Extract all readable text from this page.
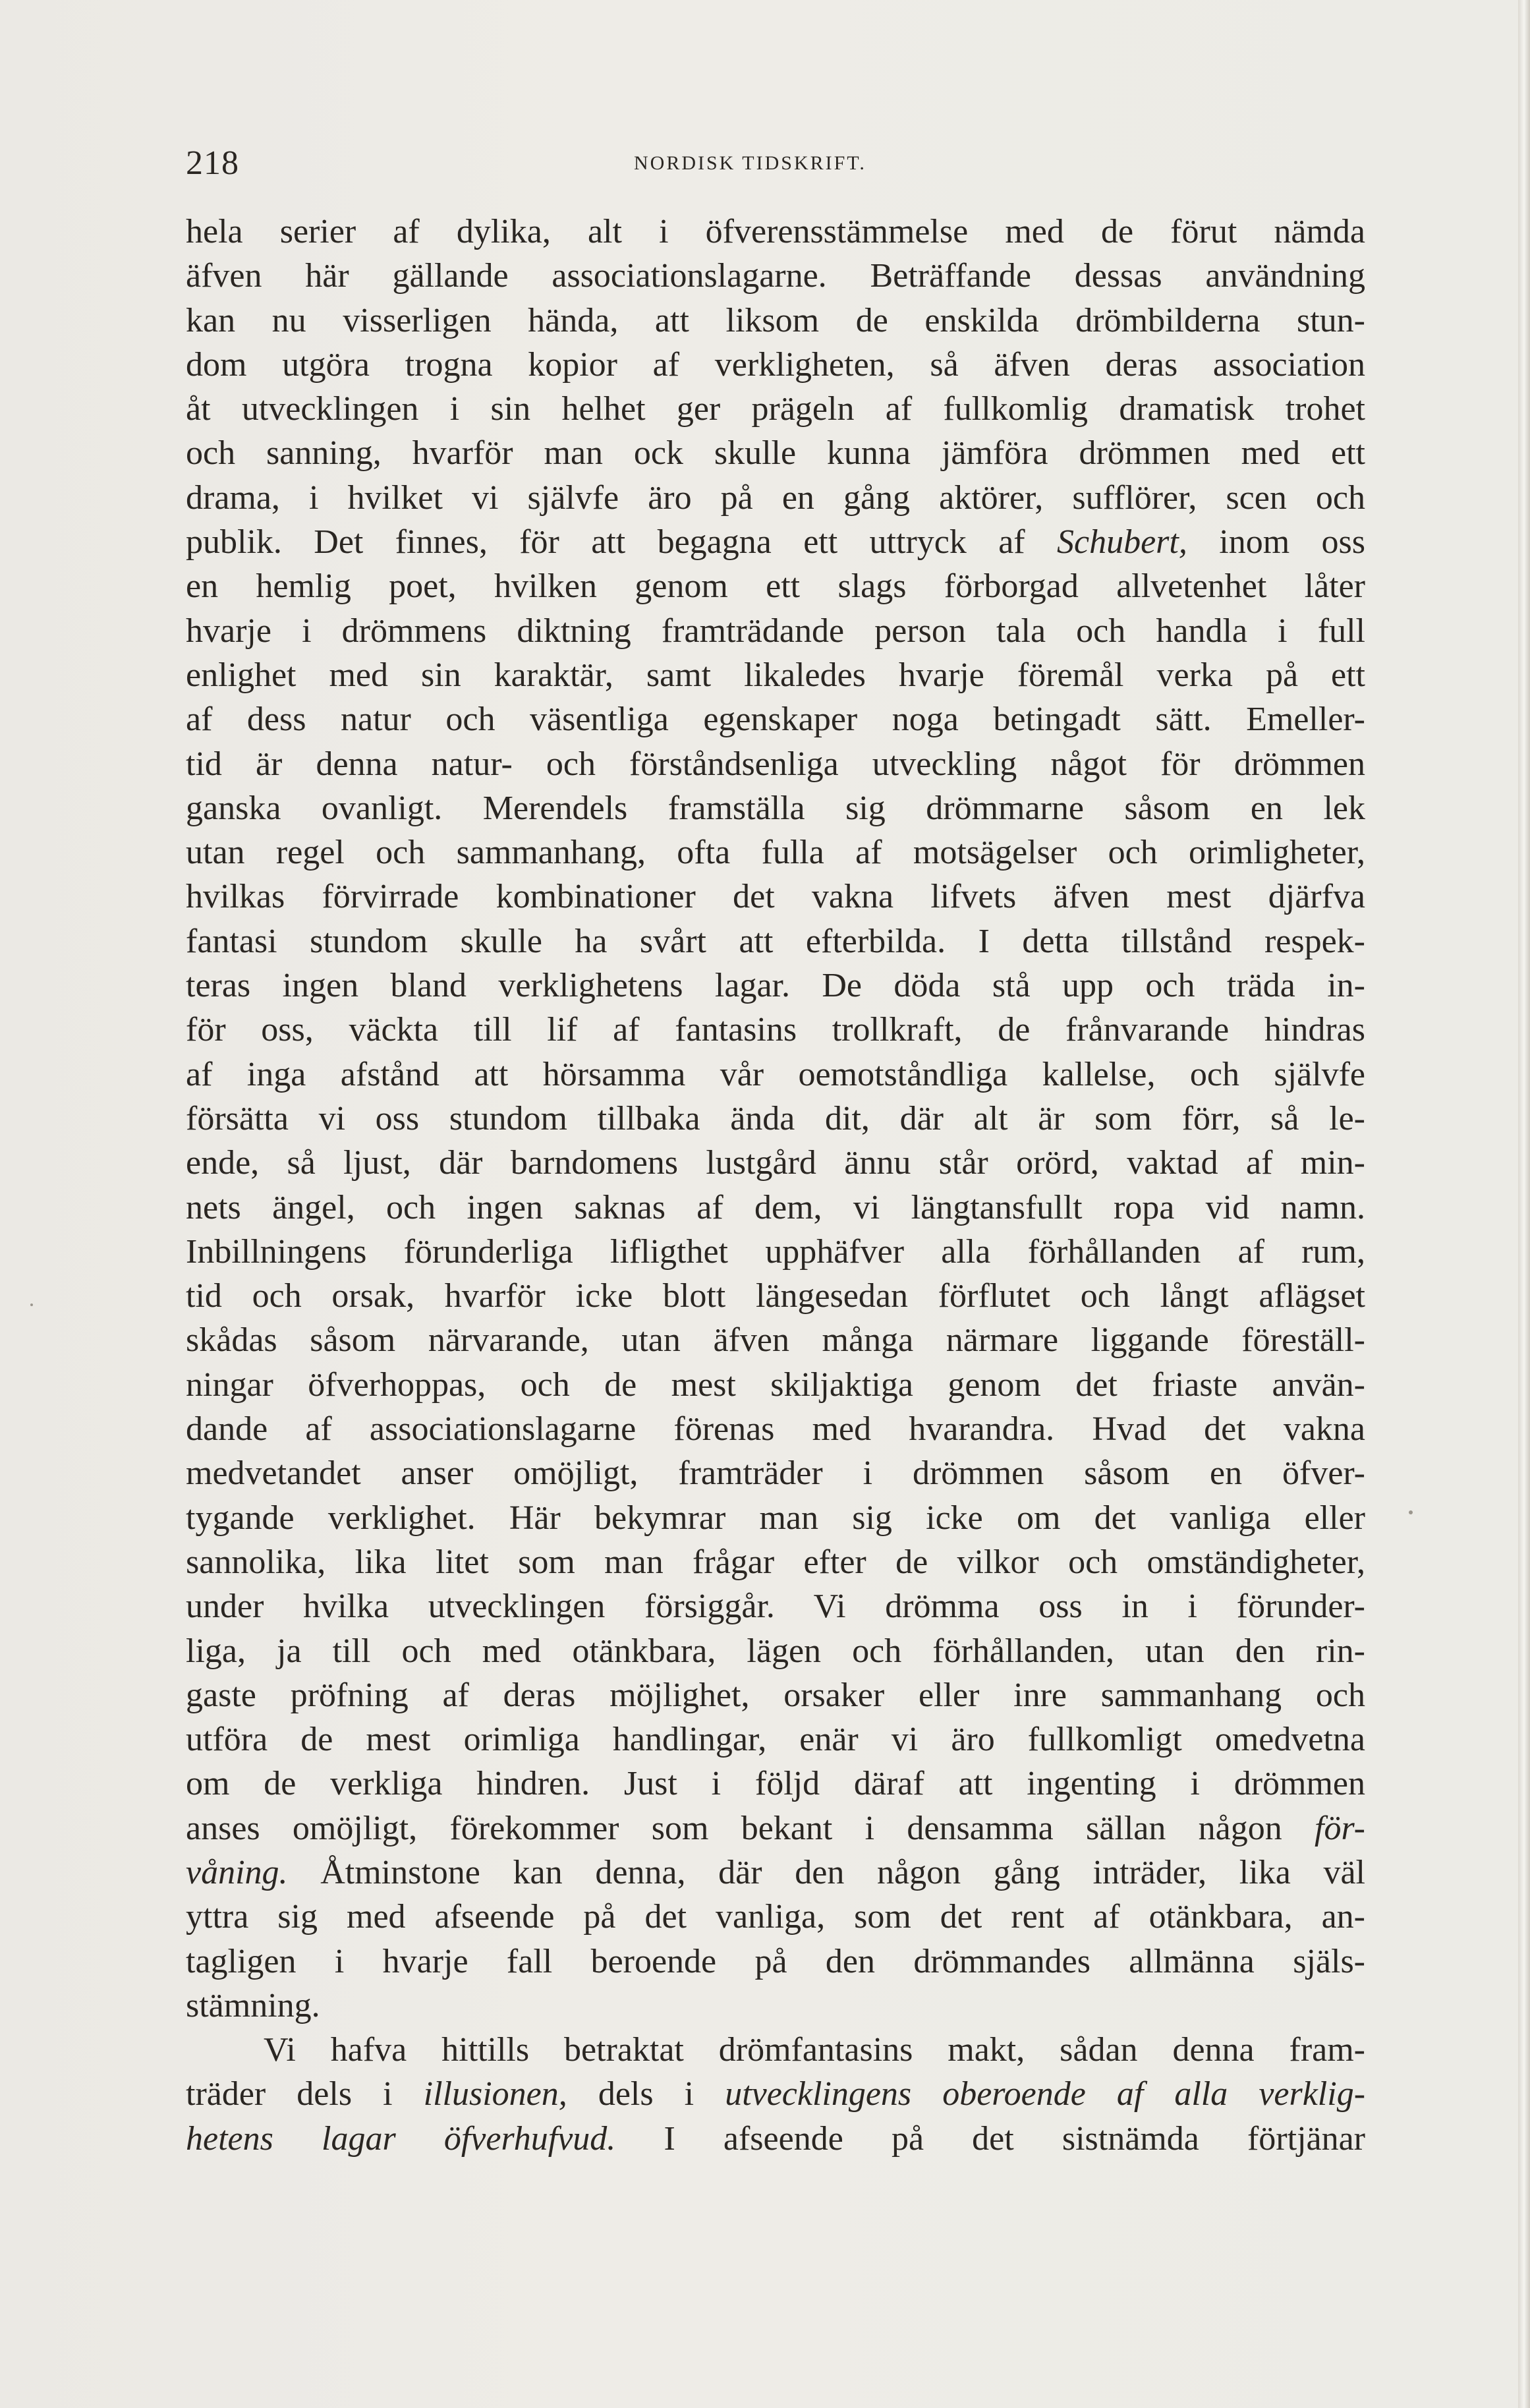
218	NORDISK TIDSKRIFT.
hela serier af dylika, alt i öfverensstämmelse med de förut nämda
äfven här gällande associationslagarne. Beträffande dessas användning
kan nu visserligen hända, att liksom de enskilda drömbilderna stun-
dom utgöra trogna kopior af verkligheten, så äfven deras association
åt utvecklingen i sin helhet ger prägeln af fullkomlig dramatisk trohet
och sanning, hvarför man ock skulle kunna jämföra drömmen med ett
drama, i hvilket vi självfe äro på en gång aktörer, sufflörer, scen och
publik. Det finnes, för att begagna ett uttryck af Schubert, inom oss
en hemlig poet, hvilken genom ett slags förborgad allvetenhet låter
hvarje i drömmens diktning framträdande person tala och handla i full
enlighet med sin karaktär, samt likaledes hvarje föremål verka på ett
af dess natur och väsentliga egenskaper noga betingadt sätt. Emeller-
tid är denna natur- och förståndsenliga utveckling något för drömmen
ganska ovanligt. Merendels framställa sig drömmarne såsom en lek
utan regel och sammanhang, ofta fulla af motsägelser och orimligheter,
hvilkas förvirrade kombinationer det vakna lifvets äfven mest djärfva
fantasi stundom skulle ha svårt att efterbilda. I detta tillstånd respek-
teras ingen bland verklighetens lagar. De döda stå upp och träda in-
för oss, väckta till lif af fantasins trollkraft, de frånvarande hindras
af inga afstånd att hörsamma vår oemotståndliga kallelse, och självfe
försätta vi oss stundom tillbaka ända dit, där alt är som förr, så le-
ende, så ljust, där barndomens lustgård ännu står orörd, vaktad af min-
nets ängel, och ingen saknas af dem, vi längtansfullt ropa vid namn.
Inbillningens förunderliga lifligthet upphäfver alla förhållanden af rum,
tid och orsak, hvarför icke blott längesedan förflutet och långt aflägset
skådas såsom närvarande, utan äfven många närmare liggande föreställ-
ningar öfverhoppas, och de mest skiljaktiga genom det friaste använ-
dande af associationslagarne förenas med hvarandra. Hvad det vakna
medvetandet anser omöjligt, framträder i drömmen såsom en öfver-
tygande verklighet. Här bekymrar man sig icke om det vanliga eller
sannolika, lika litet som man frågar efter de vilkor och omständigheter,
under hvilka utvecklingen försiggår. Vi drömma oss in i förunder-
liga, ja till och med otänkbara, lägen och förhållanden, utan den rin-
gaste pröfning af deras möjlighet, orsaker eller inre sammanhang och
utföra de mest orimliga handlingar, enär vi äro fullkomligt omedvetna
om de verkliga hindren. Just i följd däraf att ingenting i drömmen
anses omöjligt, förekommer som bekant i densamma sällan någon för-
våning. Åtminstone kan denna, där den någon gång inträder, lika väl
yttra sig med afseende på det vanliga, som det rent af otänkbara, an-
tagligen i hvarje fall beroende på den drömmandes allmänna själs-
stämning.
Vi hafva hittills betraktat drömfantasins makt, sådan denna fram-
träder dels i illusionen, dels i utvecklingens oberoende af alla verklig-
hetens lagar öfverhufvud. I afseende på det sistnämda förtjänar
